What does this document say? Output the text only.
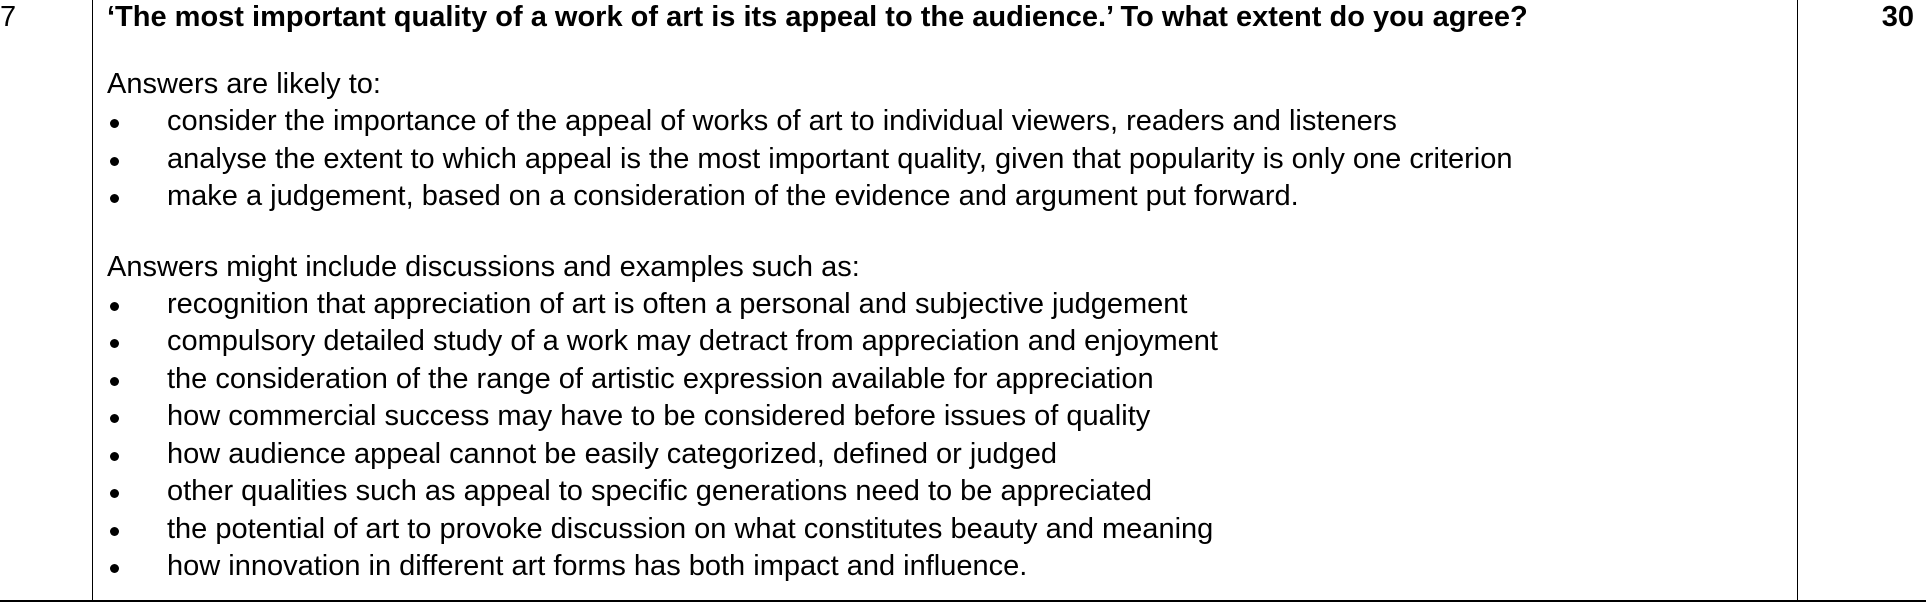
7	‘The most important quality of a work of art is its appeal to the audience.’ To what extent do you agree?

Answers are likely to:

consider the importance of the appeal of works of art to individual viewers, readers and listeners
analyse the extent to which appeal is the most important quality, given that popularity is only one criterion
make a judgement, based on a consideration of the evidence and argument put forward.

Answers might include discussions and examples such as:

recognition that appreciation of art is often a personal and subjective judgement
compulsory detailed study of a work may detract from appreciation and enjoyment
the consideration of the range of artistic expression available for appreciation
how commercial success may have to be considered before issues of quality
how audience appeal cannot be easily categorized, defined or judged
other qualities such as appeal to specific generations need to be appreciated
the potential of art to provoke discussion on what constitutes beauty and meaning
how innovation in different art forms has both impact and influence.
30
